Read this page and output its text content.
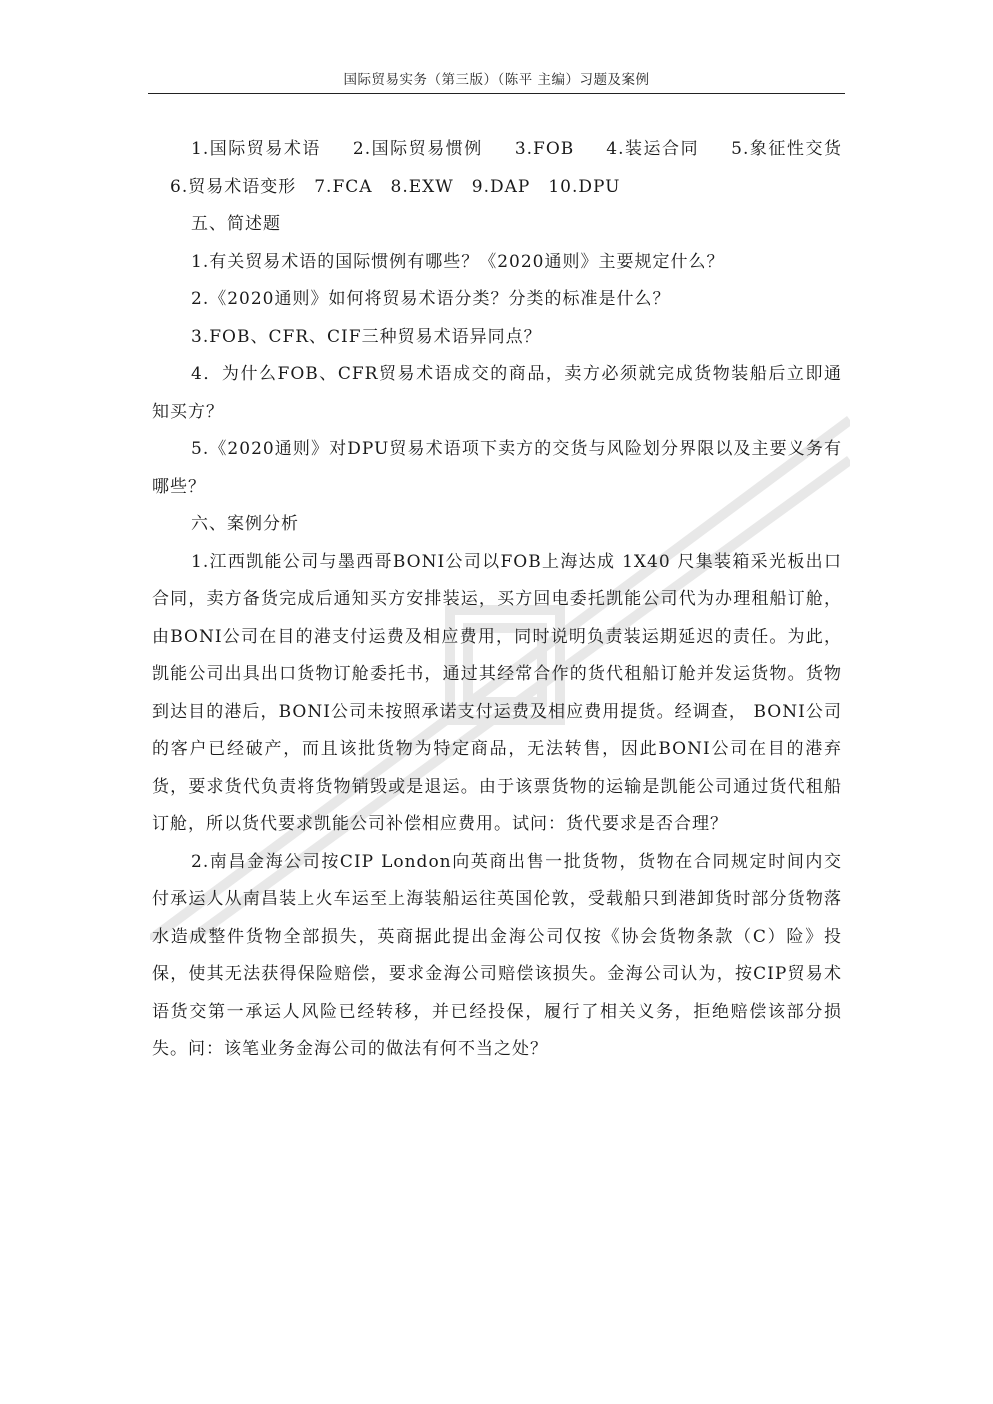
国际贸易实务（第三版）（陈平 主编）习题及案例

1.国际贸易术语 2.国际贸易惯例 3.FOB 4.装运合同 5.象征性交货6.贸易术语变形 7.FCA 8.EXW 9.DAP 10.DPU

五、简述题

1.有关贸易术语的国际惯例有哪些？《2020通则》主要规定什么？

2.《2020通则》如何将贸易术语分类？分类的标准是什么？

3.FOB、CFR、CIF三种贸易术语异同点？

4．为什么FOB、CFR贸易术语成交的商品，卖方必须就完成货物装船后立即通知买方？

5.《2020通则》对DPU贸易术语项下卖方的交货与风险划分界限以及主要义务有哪些？

六、案例分析

1.江西凯能公司与墨西哥BONI公司以FOB上海达成 1X40 尺集装箱采光板出口合同，卖方备货完成后通知买方安排装运，买方回电委托凯能公司代为办理租船订舱，由BONI公司在目的港支付运费及相应费用，同时说明负责装运期延迟的责任。为此，凯能公司出具出口货物订舱委托书，通过其经常合作的货代租船订舱并发运货物。货物到达目的港后，BONI公司未按照承诺支付运费及相应费用提货。经调查， BONI公司的客户已经破产，而且该批货物为特定商品，无法转售，因此BONI公司在目的港弃货，要求货代负责将货物销毁或是退运。由于该票货物的运输是凯能公司通过货代租船订舱，所以货代要求凯能公司补偿相应费用。试问：货代要求是否合理？

2.南昌金海公司按CIP London向英商出售一批货物，货物在合同规定时间内交付承运人从南昌装上火车运至上海装船运往英国伦敦，受载船只到港卸货时部分货物落水造成整件货物全部损失，英商据此提出金海公司仅按《协会货物条款（C）险》投保，使其无法获得保险赔偿，要求金海公司赔偿该损失。金海公司认为，按CIP贸易术语货交第一承运人风险已经转移，并已经投保，履行了相关义务，拒绝赔偿该部分损失。问：该笔业务金海公司的做法有何不当之处？
